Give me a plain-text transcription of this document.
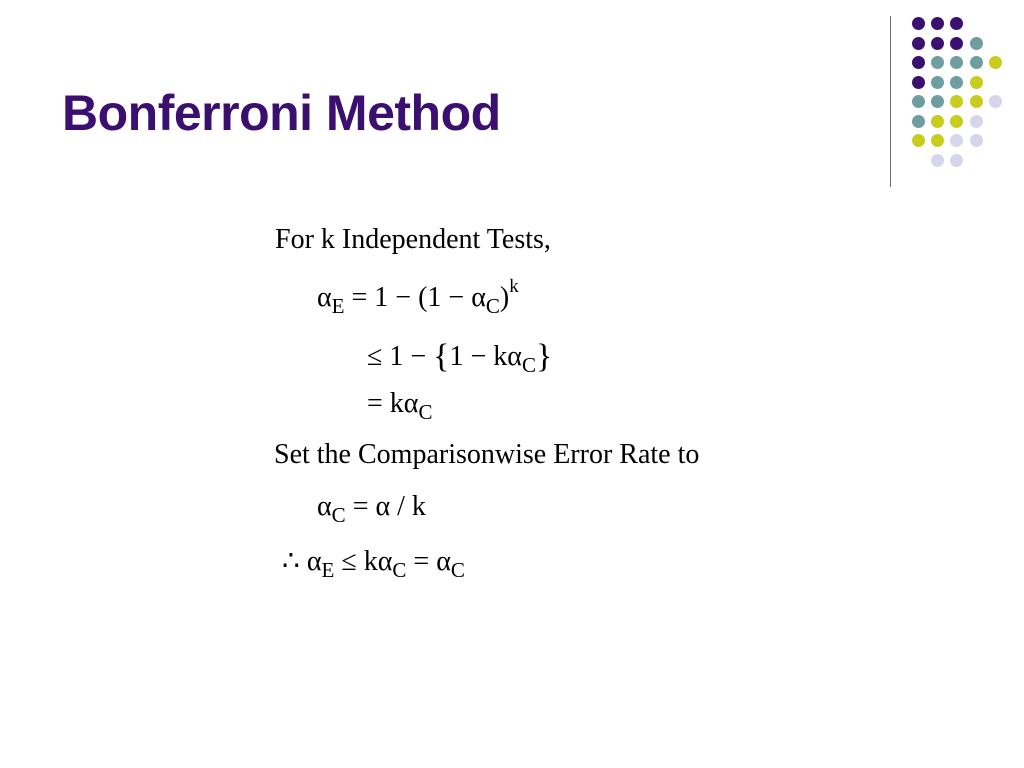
Bonferroni Method
For k Independent Tests,
$\alpha_E = 1 - (1 - \alpha_C)^k$
≤ $1 - \{1 - k\alpha_C\}$
= $k\alpha_C$
Set the Comparisonwise Error Rate to
$\alpha_C = \alpha / k$
∴ $\alpha_E \le k\alpha_C = \alpha_C$
